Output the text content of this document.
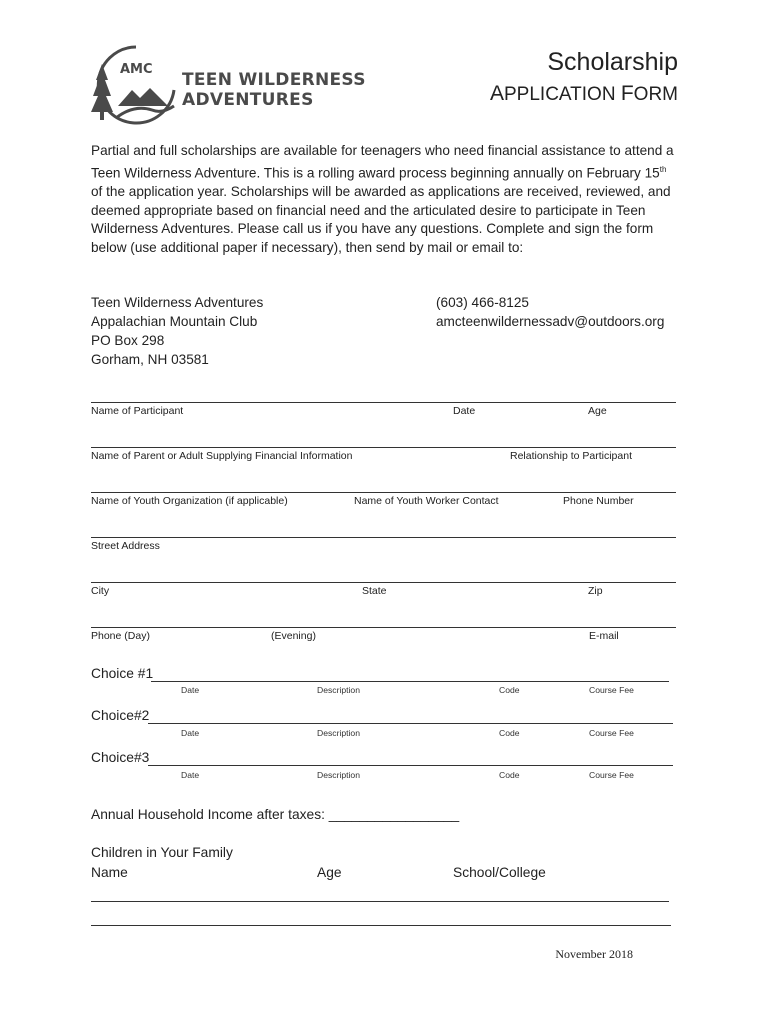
AMC
TEEN WILDERNESS
ADVENTURES
Scholarship
APPLICATION FORM
Partial and full scholarships are available for teenagers who need financial assistance to attend a Teen Wilderness Adventure. This is a rolling award process beginning annually on February 15th of the application year. Scholarships will be awarded as applications are received, reviewed, and deemed appropriate based on financial need and the articulated desire to participate in Teen Wilderness Adventures. Please call us if you have any questions. Complete and sign the form below (use additional paper if necessary), then send by mail or email to:
Teen Wilderness Adventures
Appalachian Mountain Club
PO Box 298
Gorham, NH 03581
(603) 466-8125
amcteenwildernessadv@outdoors.org
Name of Participant	Date	Age
Name of Parent or Adult Supplying Financial Information	Relationship to Participant
Name of Youth Organization (if applicable)	Name of Youth Worker Contact	Phone Number
Street Address
City	State	Zip
Phone (Day)	(Evening)	E-mail
Choice #1
Date	Description	Code	Course Fee
Choice#2
Date	Description	Code	Course Fee
Choice#3
Date	Description	Code	Course Fee
Annual Household Income after taxes: _________________
Children in Your Family
Name	Age	School/College
November 2018
